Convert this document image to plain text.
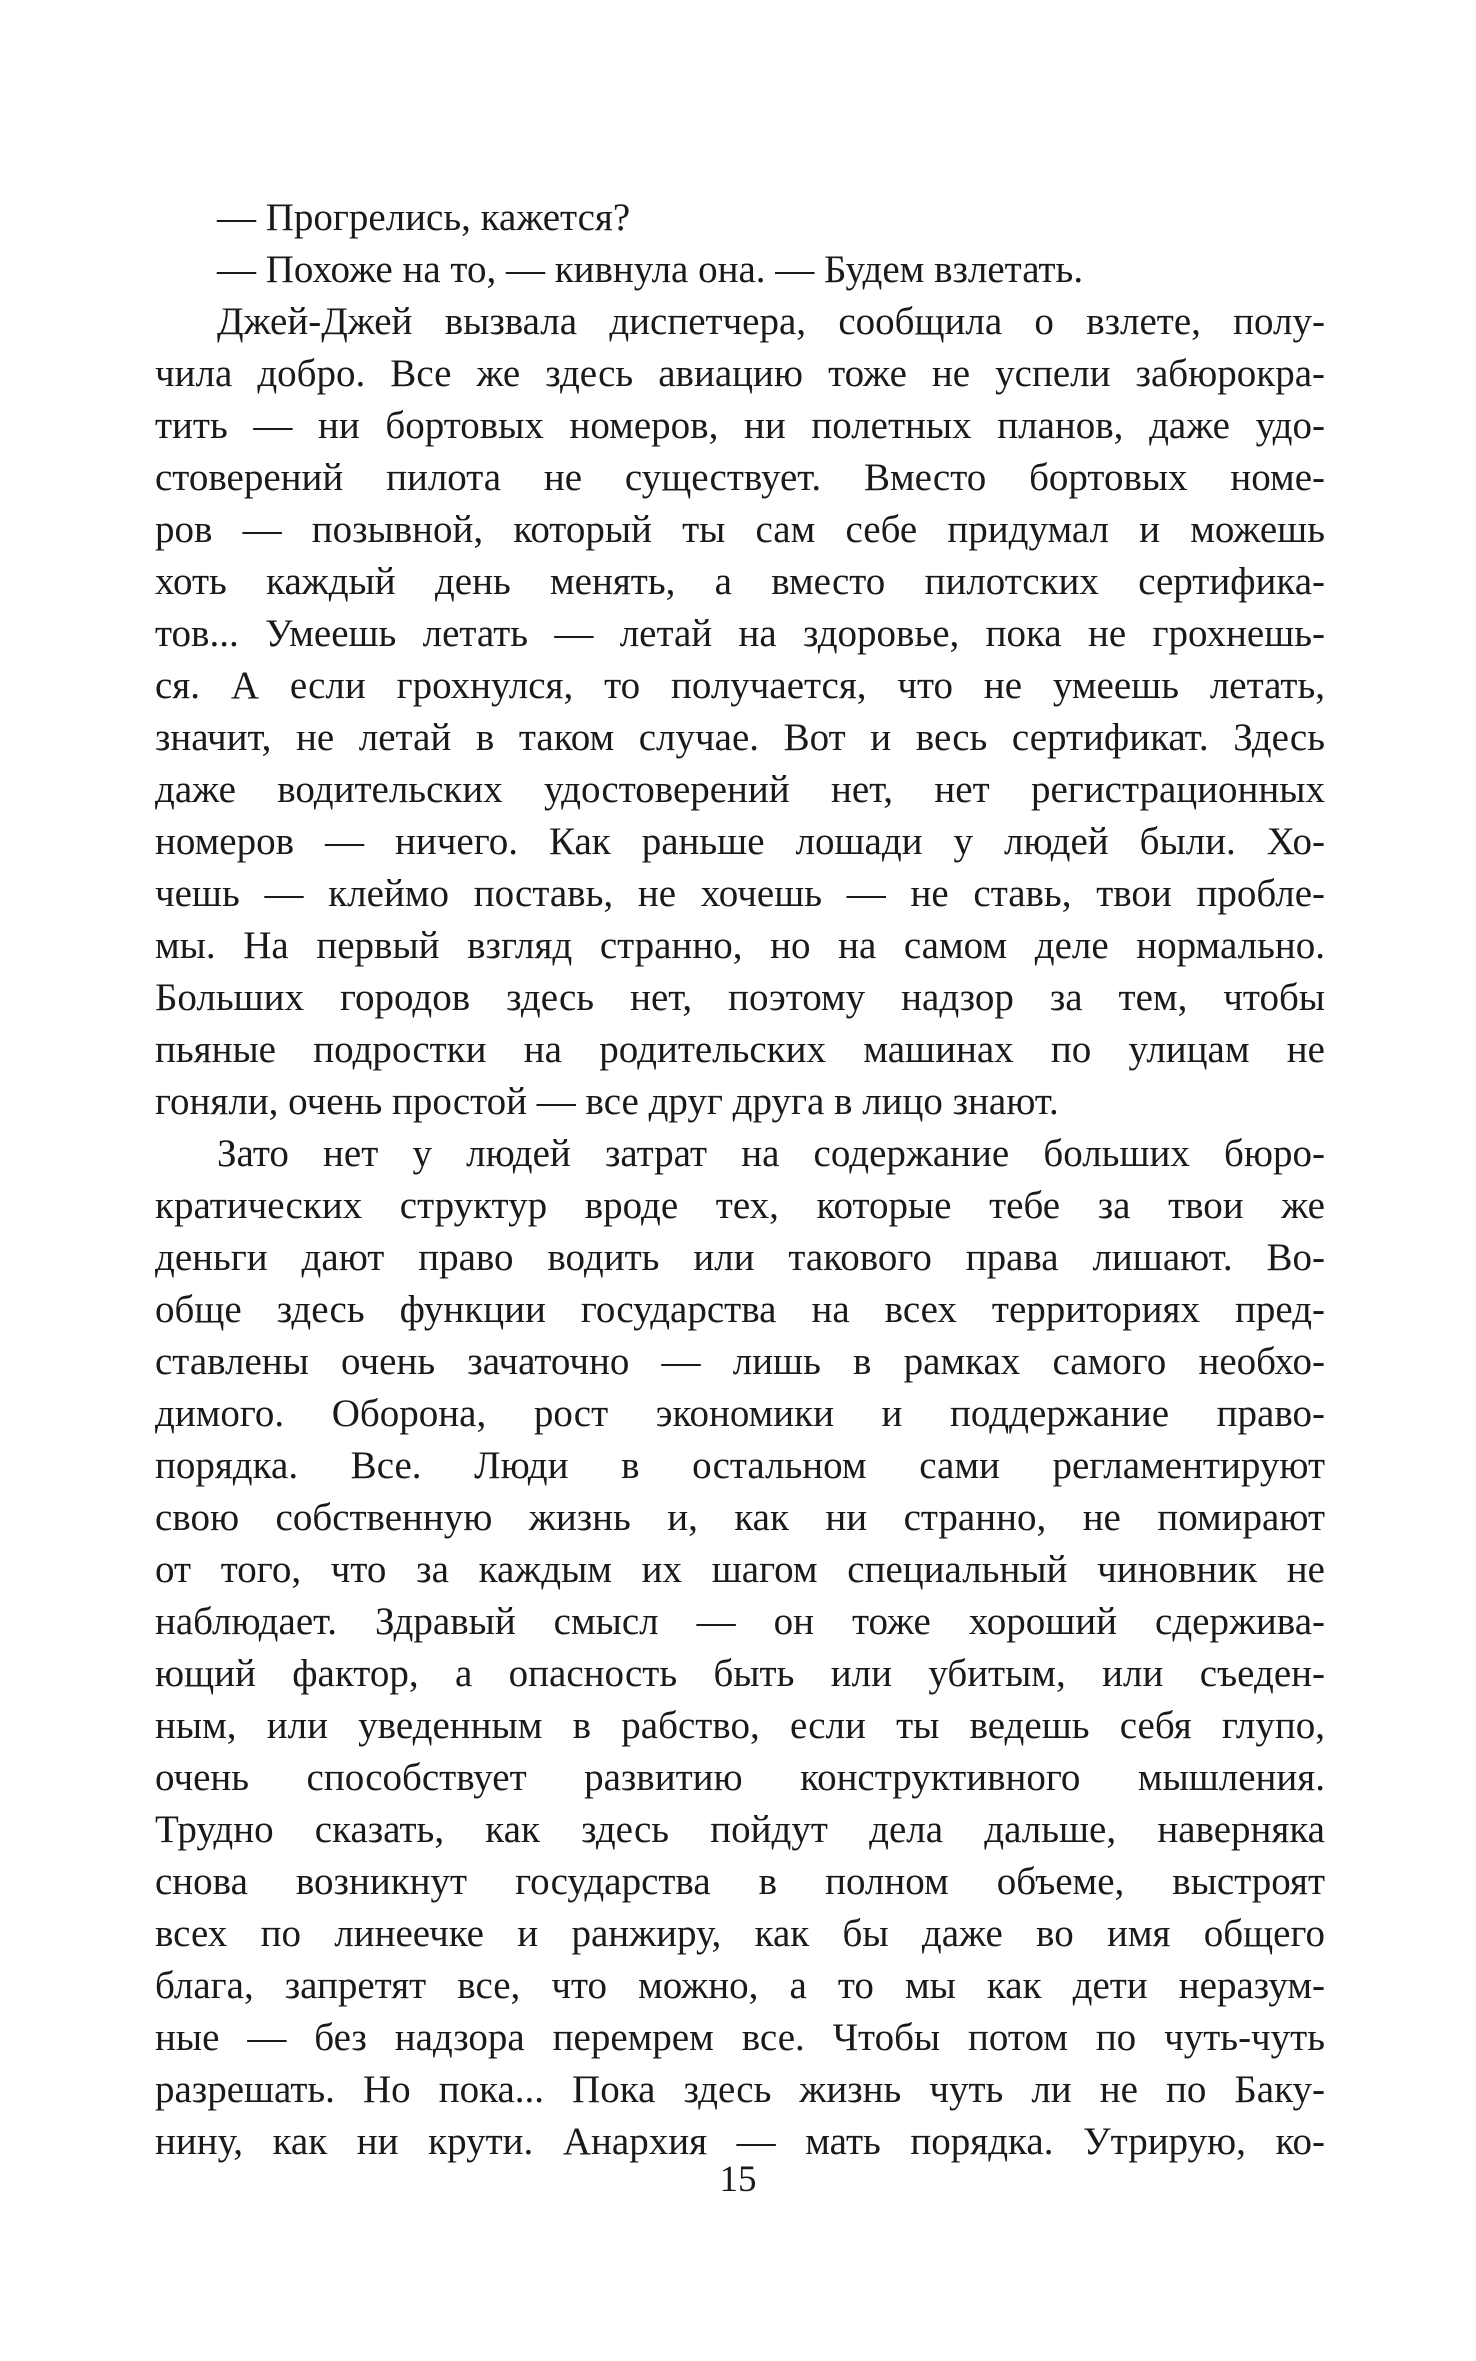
— Прогрелись, кажется?
— Похоже на то, — кивнула она. — Будем взлетать.
Джей-Джей вызвала диспетчера, сообщила о взлете, полу-
чила добро. Все же здесь авиацию тоже не успели забюрокра-
тить — ни бортовых номеров, ни полетных планов, даже удо-
стоверений пилота не существует. Вместо бортовых номе-
ров — позывной, который ты сам себе придумал и можешь
хоть каждый день менять, а вместо пилотских сертифика-
тов... Умеешь летать — летай на здоровье, пока не грохнешь-
ся. А если грохнулся, то получается, что не умеешь летать,
значит, не летай в таком случае. Вот и весь сертификат. Здесь
даже водительских удостоверений нет, нет регистрационных
номеров — ничего. Как раньше лошади у людей были. Хо-
чешь — клеймо поставь, не хочешь — не ставь, твои пробле-
мы. На первый взгляд странно, но на самом деле нормально.
Больших городов здесь нет, поэтому надзор за тем, чтобы
пьяные подростки на родительских машинах по улицам не
гоняли, очень простой — все друг друга в лицо знают.
Зато нет у людей затрат на содержание больших бюро-
кратических структур вроде тех, которые тебе за твои же
деньги дают право водить или такового права лишают. Во-
обще здесь функции государства на всех территориях пред-
ставлены очень зачаточно — лишь в рамках самого необхо-
димого. Оборона, рост экономики и поддержание право-
порядка. Все. Люди в остальном сами регламентируют
свою собственную жизнь и, как ни странно, не помирают
от того, что за каждым их шагом специальный чиновник не
наблюдает. Здравый смысл — он тоже хороший сдержива-
ющий фактор, а опасность быть или убитым, или съеден-
ным, или уведенным в рабство, если ты ведешь себя глупо,
очень способствует развитию конструктивного мышления.
Трудно сказать, как здесь пойдут дела дальше, наверняка
снова возникнут государства в полном объеме, выстроят
всех по линеечке и ранжиру, как бы даже во имя общего
блага, запретят все, что можно, а то мы как дети неразум-
ные — без надзора перемрем все. Чтобы потом по чуть-чуть
разрешать. Но пока... Пока здесь жизнь чуть ли не по Баку-
нину, как ни крути. Анархия — мать порядка. Утрирую, ко-
15
